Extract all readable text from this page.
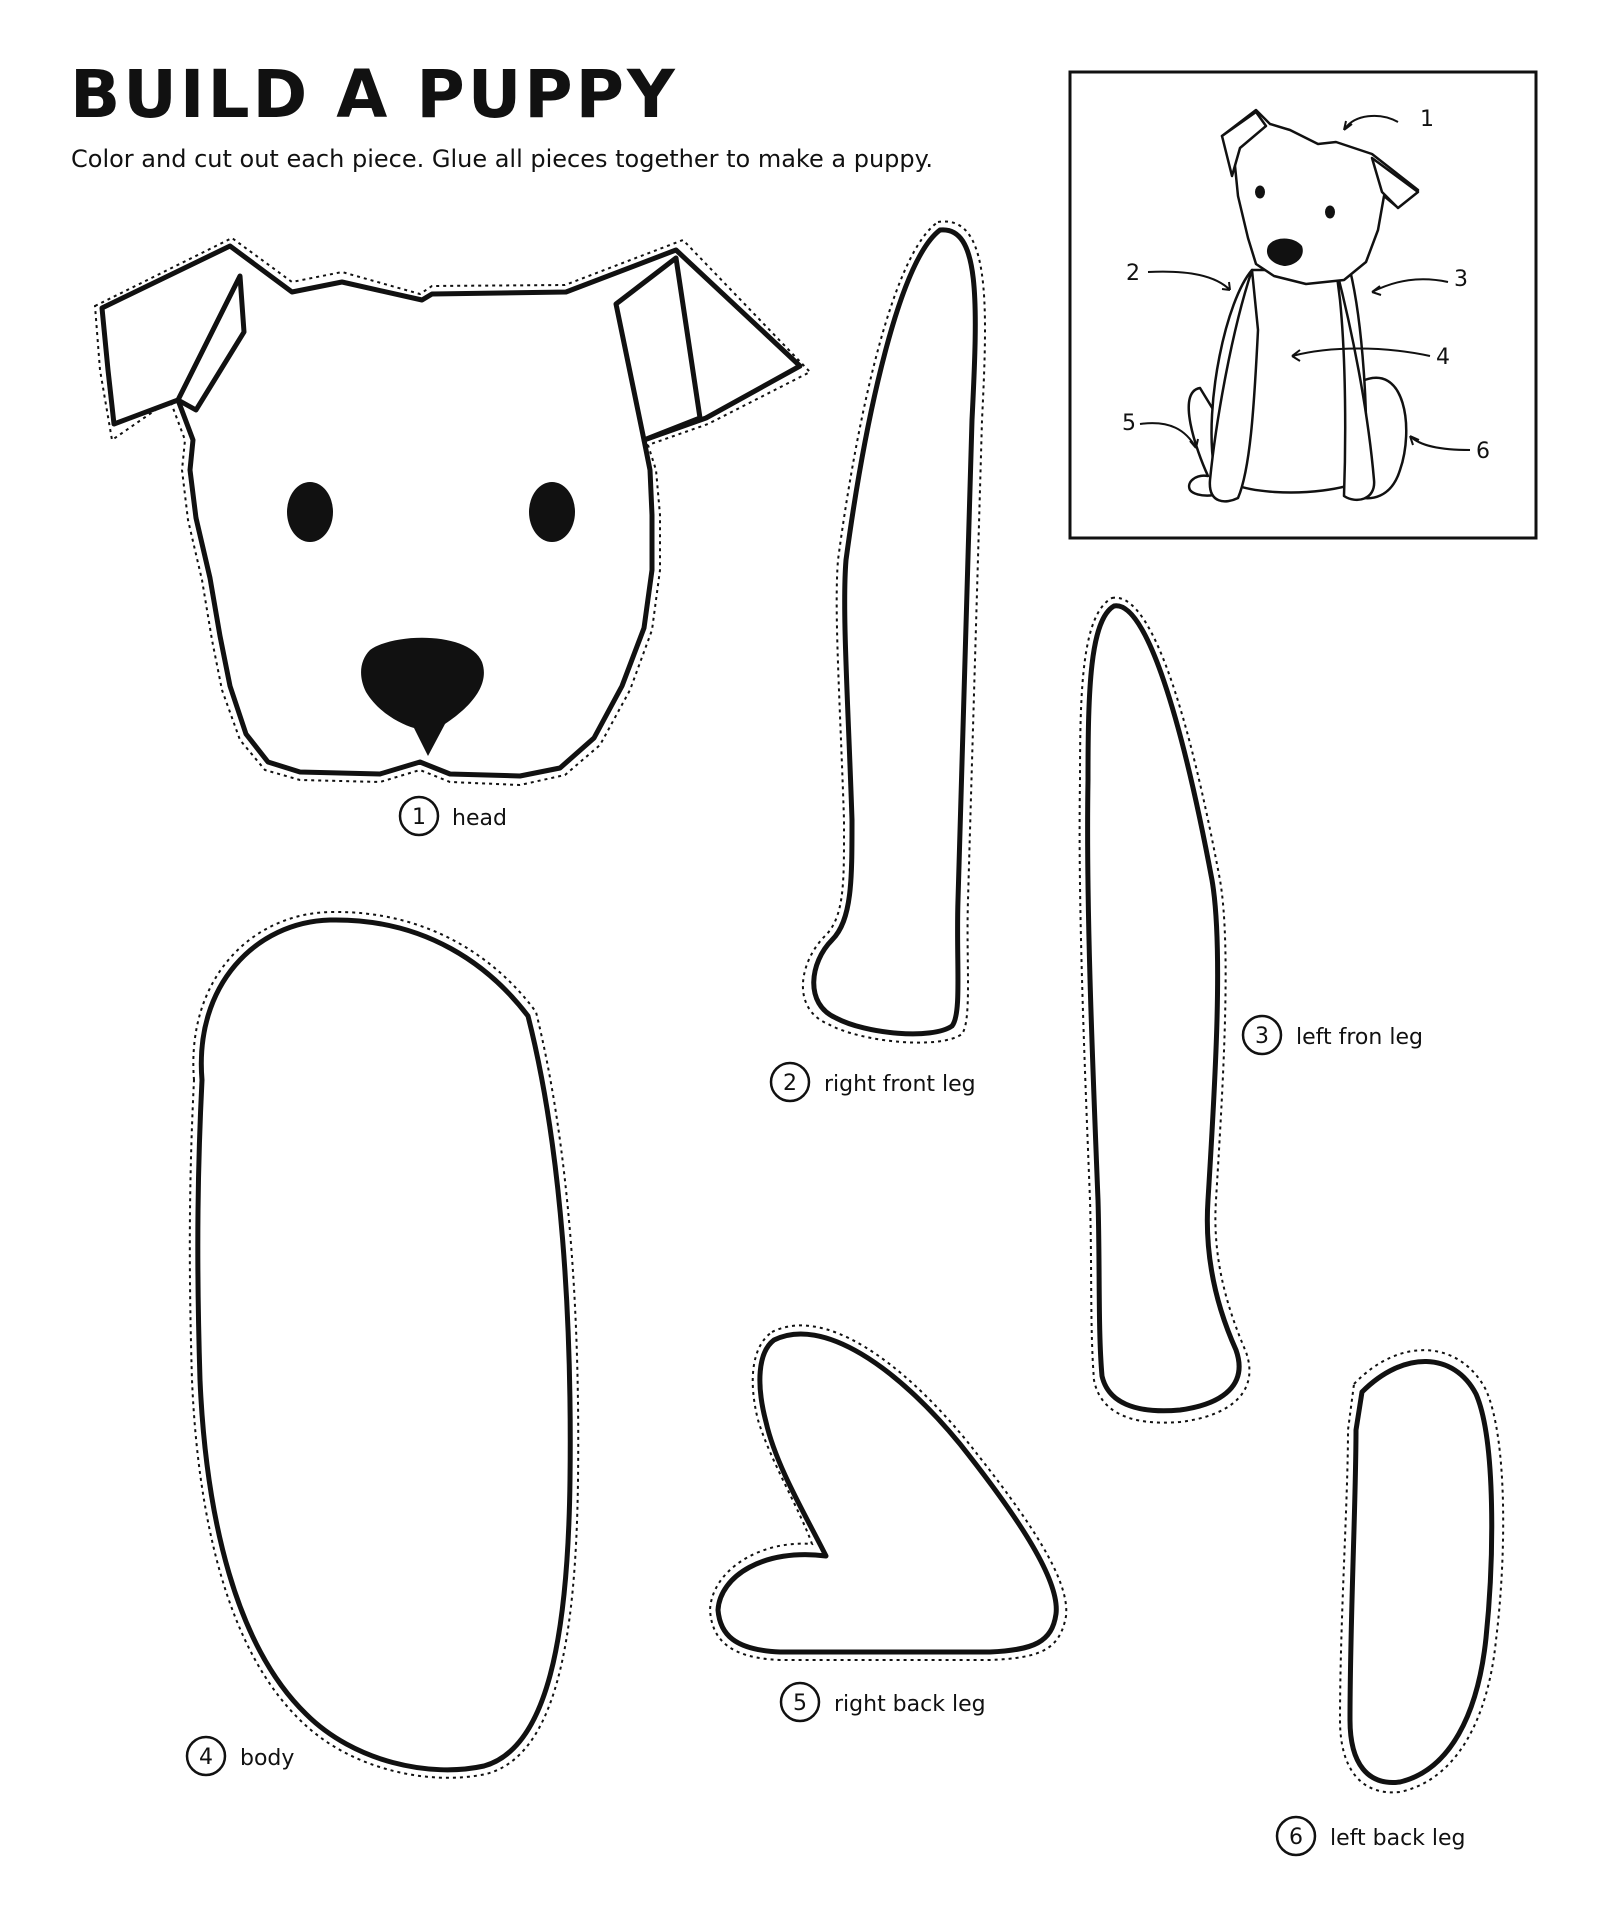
BUILD A PUPPY
Color and cut out each piece. Glue all pieces together to make a puppy.
1 head
2 right front leg
3 left fron leg
4 body
5 right back leg
6 left back leg
1
2	3
4
5
6
